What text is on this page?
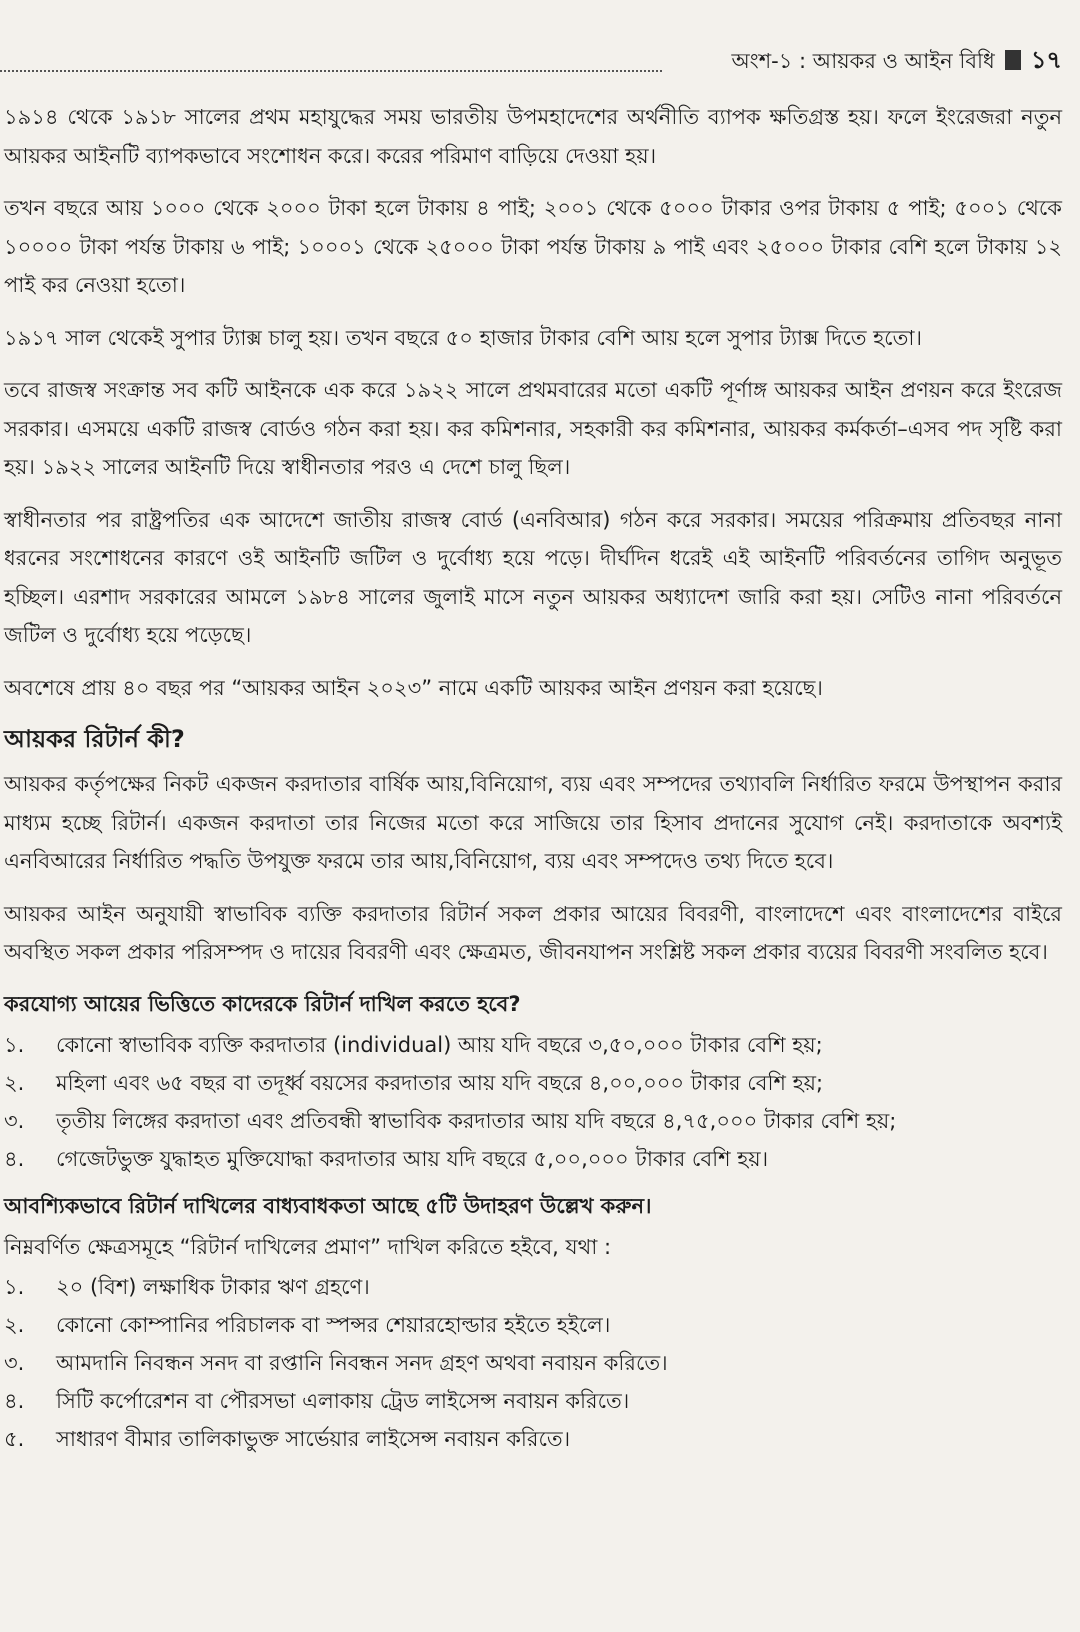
অংশ-১ : আয়কর ও আইন বিধি ১৭

১৯১৪ থেকে ১৯১৮ সালের প্রথম মহাযুদ্ধের সময় ভারতীয় উপমহাদেশের অর্থনীতি ব্যাপক ক্ষতিগ্রস্ত হয়। ফলে ইংরেজরা নতুন আয়কর আইনটি ব্যাপকভাবে সংশোধন করে। করের পরিমাণ বাড়িয়ে দেওয়া হয়।

তখন বছরে আয় ১০০০ থেকে ২০০০ টাকা হলে টাকায় ৪ পাই; ২০০১ থেকে ৫০০০ টাকার ওপর টাকায় ৫ পাই; ৫০০১ থেকে ১০০০০ টাকা পর্যন্ত টাকায় ৬ পাই; ১০০০১ থেকে ২৫০০০ টাকা পর্যন্ত টাকায় ৯ পাই এবং ২৫০০০ টাকার বেশি হলে টাকায় ১২ পাই কর নেওয়া হতো।

১৯১৭ সাল থেকেই সুপার ট্যাক্স চালু হয়। তখন বছরে ৫০ হাজার টাকার বেশি আয় হলে সুপার ট্যাক্স দিতে হতো।

তবে রাজস্ব সংক্রান্ত সব কটি আইনকে এক করে ১৯২২ সালে প্রথমবারের মতো একটি পূর্ণাঙ্গ আয়কর আইন প্রণয়ন করে ইংরেজ সরকার। এসময়ে একটি রাজস্ব বোর্ডও গঠন করা হয়। কর কমিশনার, সহকারী কর কমিশনার, আয়কর কর্মকর্তা–এসব পদ সৃষ্টি করা হয়। ১৯২২ সালের আইনটি দিয়ে স্বাধীনতার পরও এ দেশে চালু ছিল।

স্বাধীনতার পর রাষ্ট্রপতির এক আদেশে জাতীয় রাজস্ব বোর্ড (এনবিআর) গঠন করে সরকার। সময়ের পরিক্রমায় প্রতিবছর নানা ধরনের সংশোধনের কারণে ওই আইনটি জটিল ও দুর্বোধ্য হয়ে পড়ে। দীর্ঘদিন ধরেই এই আইনটি পরিবর্তনের তাগিদ অনুভূত হচ্ছিল। এরশাদ সরকারের আমলে ১৯৮৪ সালের জুলাই মাসে নতুন আয়কর অধ্যাদেশ জারি করা হয়। সেটিও নানা পরিবর্তনে জটিল ও দুর্বোধ্য হয়ে পড়েছে।

অবশেষে প্রায় ৪০ বছর পর “আয়কর আইন ২০২৩” নামে একটি আয়কর আইন প্রণয়ন করা হয়েছে।

আয়কর রিটার্ন কী?

আয়কর কর্তৃপক্ষের নিকট একজন করদাতার বার্ষিক আয়,বিনিয়োগ, ব্যয় এবং সম্পদের তথ্যাবলি নির্ধারিত ফরমে উপস্থাপন করার মাধ্যম হচ্ছে রিটার্ন। একজন করদাতা তার নিজের মতো করে সাজিয়ে তার হিসাব প্রদানের সুযোগ নেই। করদাতাকে অবশ্যই এনবিআরের নির্ধারিত পদ্ধতি উপযুক্ত ফরমে তার আয়,বিনিয়োগ, ব্যয় এবং সম্পদেও তথ্য দিতে হবে।

আয়কর আইন অনুযায়ী স্বাভাবিক ব্যক্তি করদাতার রিটার্ন সকল প্রকার আয়ের বিবরণী, বাংলাদেশে এবং বাংলাদেশের বাইরে অবস্থিত সকল প্রকার পরিসম্পদ ও দায়ের বিবরণী এবং ক্ষেত্রমত, জীবনযাপন সংশ্লিষ্ট সকল প্রকার ব্যয়ের বিবরণী সংবলিত হবে।

করযোগ্য আয়ের ভিত্তিতে কাদেরকে রিটার্ন দাখিল করতে হবে?
১.	কোনো স্বাভাবিক ব্যক্তি করদাতার (individual) আয় যদি বছরে ৩,৫০,০০০ টাকার বেশি হয়;
২.	মহিলা এবং ৬৫ বছর বা তদূর্ধ্ব বয়সের করদাতার আয় যদি বছরে ৪,০০,০০০ টাকার বেশি হয়;
৩.	তৃতীয় লিঙ্গের করদাতা এবং প্রতিবন্ধী স্বাভাবিক করদাতার আয় যদি বছরে ৪,৭৫,০০০ টাকার বেশি হয়;
৪.	গেজেটভুক্ত যুদ্ধাহত মুক্তিযোদ্ধা করদাতার আয় যদি বছরে ৫,০০,০০০ টাকার বেশি হয়।
আবশ্যিকভাবে রিটার্ন দাখিলের বাধ্যবাধকতা আছে ৫টি উদাহরণ উল্লেখ করুন।

নিম্নবর্ণিত ক্ষেত্রসমূহে “রিটার্ন দাখিলের প্রমাণ” দাখিল করিতে হইবে, যথা :

১.	২০ (বিশ) লক্ষাধিক টাকার ঋণ গ্রহণে।
২.	কোনো কোম্পানির পরিচালক বা স্পন্সর শেয়ারহোল্ডার হইতে হইলে।
৩.	আমদানি নিবন্ধন সনদ বা রপ্তানি নিবন্ধন সনদ গ্রহণ অথবা নবায়ন করিতে।
৪.	সিটি কর্পোরেশন বা পৌরসভা এলাকায় ট্রেড লাইসেন্স নবায়ন করিতে।
৫.	সাধারণ বীমার তালিকাভুক্ত সার্ভেয়ার লাইসেন্স নবায়ন করিতে।
